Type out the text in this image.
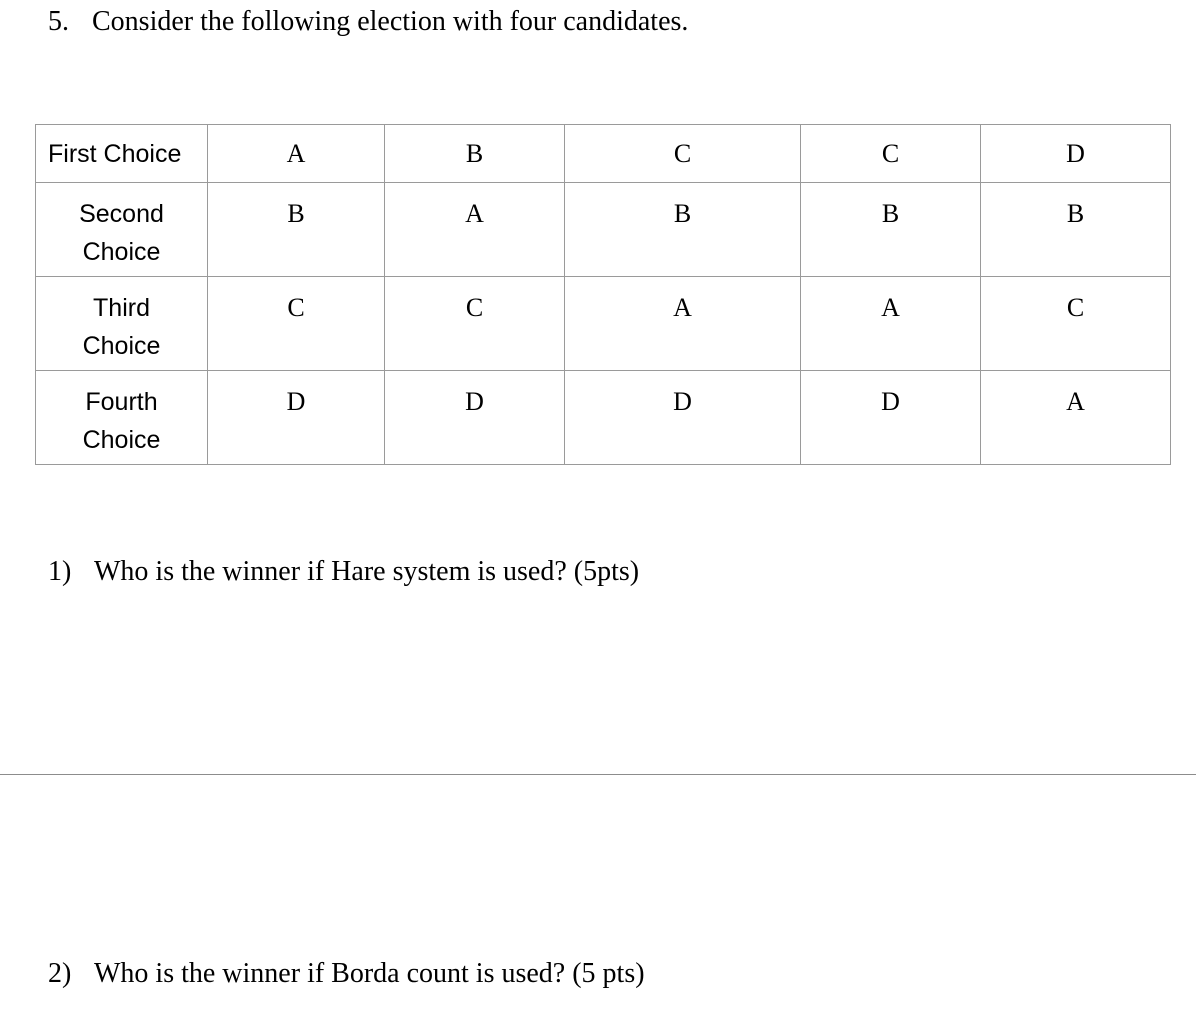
5. Consider the following election with four candidates.
First Choice	A	B	C	C	D

Second
Choice	B	A	B	B	B

Third
Choice	C	C	A	A	C

Fourth
Choice	D	D	D	D	A
1) Who is the winner if Hare system is used? (5pts)
2) Who is the winner if Borda count is used? (5 pts)
